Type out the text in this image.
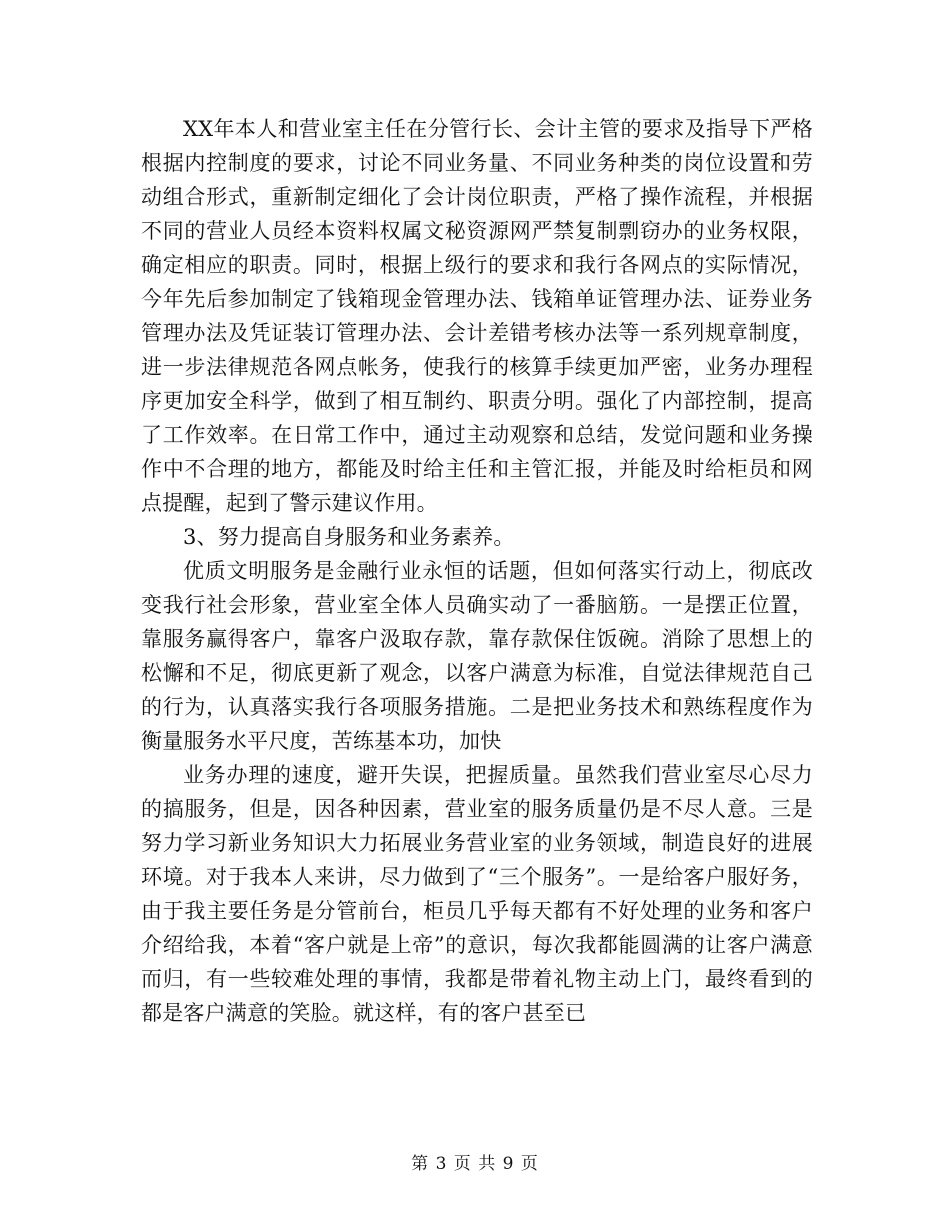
XX年本人和营业室主任在分管行长、会计主管的要求及指导下严格根据内控制度的要求，讨论不同业务量、不同业务种类的岗位设置和劳动组合形式，重新制定细化了会计岗位职责，严格了操作流程，并根据不同的营业人员经本资料权属文秘资源网严禁复制剽窃办的业务权限，确定相应的职责。同时，根据上级行的要求和我行各网点的实际情况，今年先后参加制定了钱箱现金管理办法、钱箱单证管理办法、证券业务管理办法及凭证装订管理办法、会计差错考核办法等一系列规章制度，进一步法律规范各网点帐务，使我行的核算手续更加严密，业务办理程序更加安全科学，做到了相互制约、职责分明。强化了内部控制，提高了工作效率。在日常工作中，通过主动观察和总结，发觉问题和业务操作中不合理的地方，都能及时给主任和主管汇报，并能及时给柜员和网点提醒，起到了警示建议作用。

3、努力提高自身服务和业务素养。

优质文明服务是金融行业永恒的话题，但如何落实行动上，彻底改变我行社会形象，营业室全体人员确实动了一番脑筋。一是摆正位置，靠服务赢得客户，靠客户汲取存款，靠存款保住饭碗。消除了思想上的松懈和不足，彻底更新了观念，以客户满意为标准，自觉法律规范自己的行为，认真落实我行各项服务措施。二是把业务技术和熟练程度作为衡量服务水平尺度，苦练基本功，加快

业务办理的速度，避开失误，把握质量。虽然我们营业室尽心尽力的搞服务，但是，因各种因素，营业室的服务质量仍是不尽人意。三是努力学习新业务知识大力拓展业务营业室的业务领域，制造良好的进展环境。对于我本人来讲，尽力做到了“三个服务”。一是给客户服好务，由于我主要任务是分管前台，柜员几乎每天都有不好处理的业务和客户介绍给我，本着“客户就是上帝”的意识，每次我都能圆满的让客户满意而归，有一些较难处理的事情，我都是带着礼物主动上门，最终看到的都是客户满意的笑脸。就这样，有的客户甚至已

第 3 页 共 9 页
